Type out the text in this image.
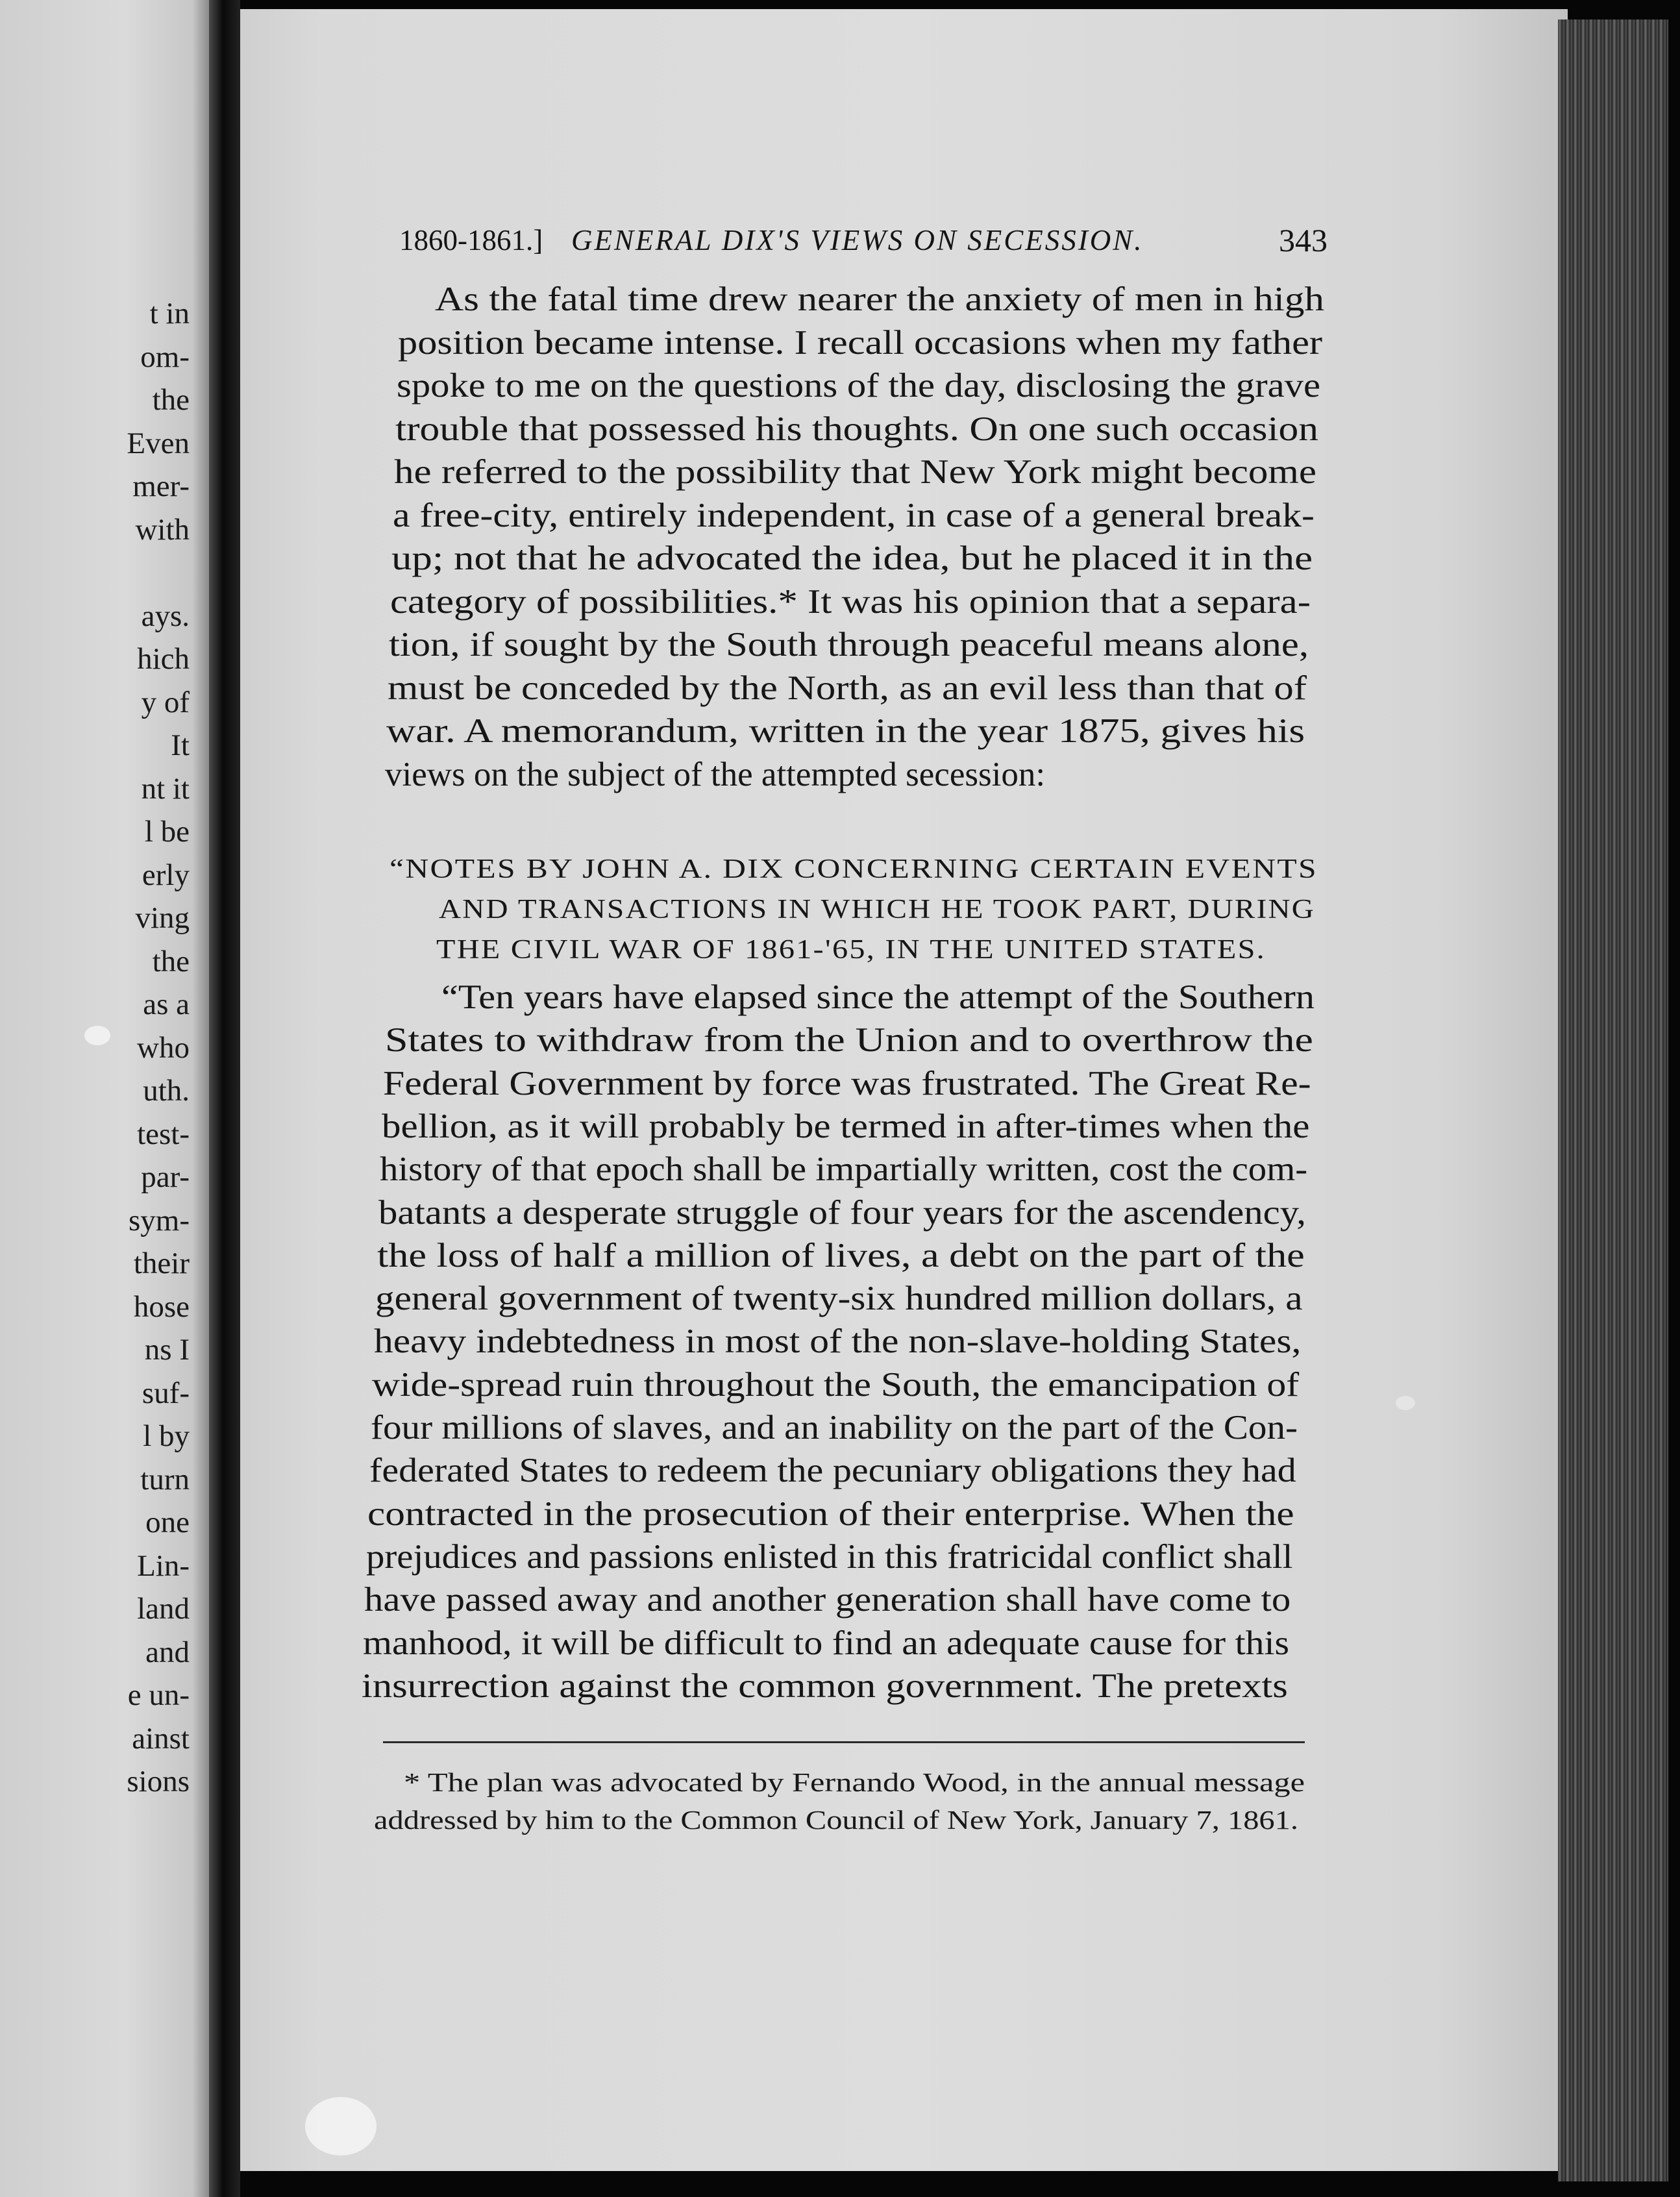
t in
om-
the
Even
mer-
with
ays.
hich
y of
It
nt it
l be
erly
ving
the
as a
who
uth.
test-
par-
sym-
their
hose
ns I
suf-
l by
turn
one
Lin-
land
and
e un-
ainst
sions
1860-1861.] GENERAL DIX'S VIEWS ON SECESSION.	343
As the fatal time drew nearer the anxiety of men in high
position became intense. I recall occasions when my father
spoke to me on the questions of the day, disclosing the grave
trouble that possessed his thoughts. On one such occasion
he referred to the possibility that New York might become
a free-city, entirely independent, in case of a general break-
up; not that he advocated the idea, but he placed it in the
category of possibilities.* It was his opinion that a separa-
tion, if sought by the South through peaceful means alone,
must be conceded by the North, as an evil less than that of
war. A memorandum, written in the year 1875, gives his
views on the subject of the attempted secession:
“NOTES BY JOHN A. DIX CONCERNING CERTAIN EVENTS
AND TRANSACTIONS IN WHICH HE TOOK PART, DURING
THE CIVIL WAR OF 1861-'65, IN THE UNITED STATES.
“Ten years have elapsed since the attempt of the Southern
States to withdraw from the Union and to overthrow the
Federal Government by force was frustrated. The Great Re-
bellion, as it will probably be termed in after-times when the
history of that epoch shall be impartially written, cost the com-
batants a desperate struggle of four years for the ascendency,
the loss of half a million of lives, a debt on the part of the
general government of twenty-six hundred million dollars, a
heavy indebtedness in most of the non-slave-holding States,
wide-spread ruin throughout the South, the emancipation of
four millions of slaves, and an inability on the part of the Con-
federated States to redeem the pecuniary obligations they had
contracted in the prosecution of their enterprise. When the
prejudices and passions enlisted in this fratricidal conflict shall
have passed away and another generation shall have come to
manhood, it will be difficult to find an adequate cause for this
insurrection against the common government. The pretexts
* The plan was advocated by Fernando Wood, in the annual message
addressed by him to the Common Council of New York, January 7, 1861.
